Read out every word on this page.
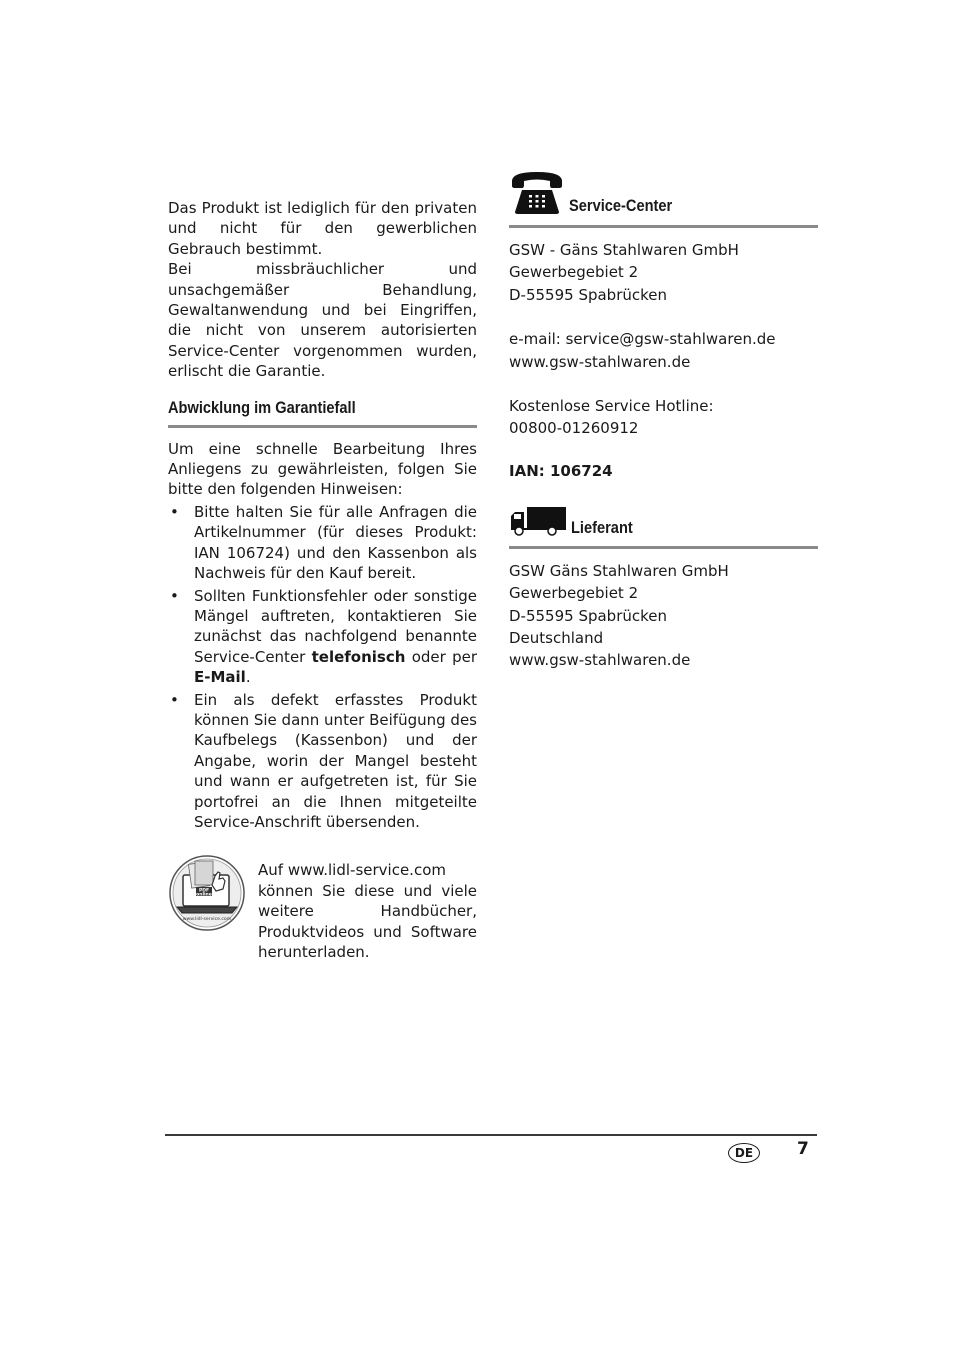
Das Produkt ist lediglich für den privaten und nicht für den gewerblichen Gebrauch bestimmt.

Bei missbräuchlicher und unsachgemäßer Behandlung, Gewaltanwendung und bei Eingriffen, die nicht von unserem autorisierten Service-Center vorgenommen wurden, erlischt die Garantie.

Abwicklung im Garantiefall

Um eine schnelle Bearbeitung Ihres Anliegens zu gewährleisten, folgen Sie bitte den folgenden Hinweisen:

• Bitte halten Sie für alle Anfragen die Artikelnummer (für dieses Produkt: IAN 106724) und den Kassenbon als Nachweis für den Kauf bereit.

• Sollten Funktionsfehler oder sonstige Mängel auftreten, kontaktieren Sie zunächst das nachfolgend benannte Service-Center telefonisch oder per E-Mail.

• Ein als defekt erfasstes Produkt können Sie dann unter Beifügung des Kaufbelegs (Kassenbon) und der Angabe, worin der Mangel besteht und wann er aufgetreten ist, für Sie portofrei an die Ihnen mitgeteilte Service-Anschrift übersenden.

PDF
online
www.lidl-service.com

Auf www.lidl-service.com

können Sie diese und viele weitere Handbücher, Produktvideos und Software herunterladen.

Service-Center

GSW - Gäns Stahlwaren GmbH

Gewerbegebiet 2

D-55595 Spabrücken

e-mail: service@gsw-stahlwaren.de

www.gsw-stahlwaren.de

Kostenlose Service Hotline:

00800-01260912

IAN: 106724

Lieferant

GSW Gäns Stahlwaren GmbH

Gewerbegebiet 2

D-55595 Spabrücken

Deutschland

www.gsw-stahlwaren.de

DE	7
